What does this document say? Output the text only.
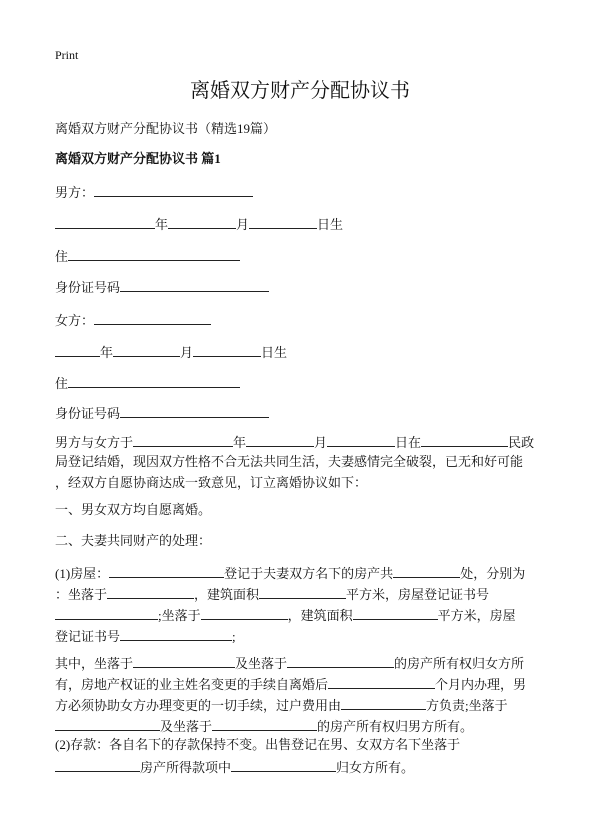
Print
离婚双方财产分配协议书
离婚双方财产分配协议书（精选19篇）
离婚双方财产分配协议书 篇1
男方：
年	月	日生
住
身份证号码
女方：
年	月	日生
住
身份证号码
男方与女方于	年	月	日在	民政
局登记结婚，现因双方性格不合无法共同生活，夫妻感情完全破裂，已无和好可能
，经双方自愿协商达成一致意见，订立离婚协议如下：
一、男女双方均自愿离婚。
二、夫妻共同财产的处理：
(1)房屋：	登记于夫妻双方名下的房产共	处，分别为
：坐落于	，建筑面积	平方米，房屋登记证书号
;坐落于	，建筑面积	平方米，房屋
登记证书号	;
其中，坐落于	及坐落于	的房产所有权归女方所
有，房地产权证的业主姓名变更的手续自离婚后	个月内办理，男
方必须协助女方办理变更的一切手续，过户费用由	方负责;坐落于
及坐落于	的房产所有权归男方所有。
(2)存款：各自名下的存款保持不变。出售登记在男、女双方名下坐落于
房产所得款项中	归女方所有。
